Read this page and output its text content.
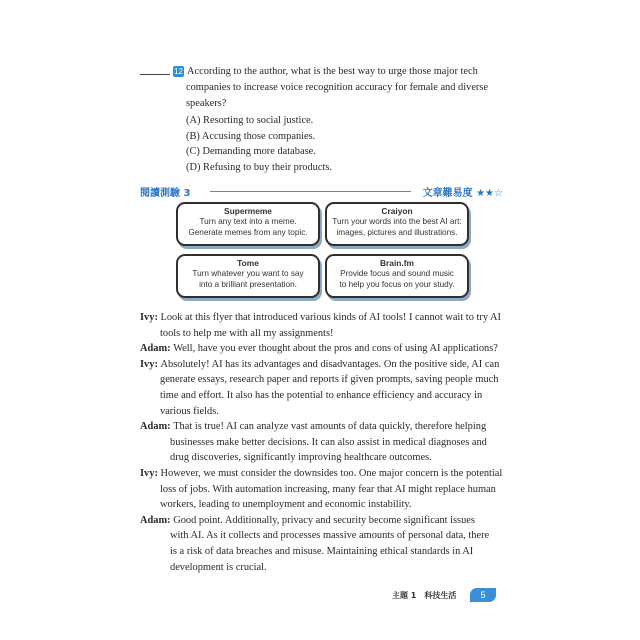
12 According to the author, what is the best way to urge those major tech
companies to increase voice recognition accuracy for female and diverse
speakers?
(A) Resorting to social justice.
(B) Accusing those companies.
(C) Demanding more database.
(D) Refusing to buy their products.
閱讀測驗 3	文章難易度 ★★☆
Supermeme
Turn any text into a meme.
Generate memes from any topic.
Craiyon
Turn your words into the best AI art:
images, pictures and illustrations.
Tome
Turn whatever you want to say
into a brilliant presentation.
Brain.fm
Provide focus and sound music
to help you focus on your study.
Ivy: Look at this flyer that introduced various kinds of AI tools! I cannot wait to try AI
tools to help me with all my assignments!
Adam: Well, have you ever thought about the pros and cons of using AI applications?
Ivy: Absolutely! AI has its advantages and disadvantages. On the positive side, AI can
generate essays, research paper and reports if given prompts, saving people much
time and effort. It also has the potential to enhance efficiency and accuracy in
various fields.
Adam: That is true! AI can analyze vast amounts of data quickly, therefore helping
businesses make better decisions. It can also assist in medical diagnoses and
drug discoveries, significantly improving healthcare outcomes.
Ivy: However, we must consider the downsides too. One major concern is the potential
loss of jobs. With automation increasing, many fear that AI might replace human
workers, leading to unemployment and economic instability.
Adam: Good point. Additionally, privacy and security become significant issues
with AI. As it collects and processes massive amounts of personal data, there
is a risk of data breaches and misuse. Maintaining ethical standards in AI
development is crucial.
主題 1　科技生活	5
